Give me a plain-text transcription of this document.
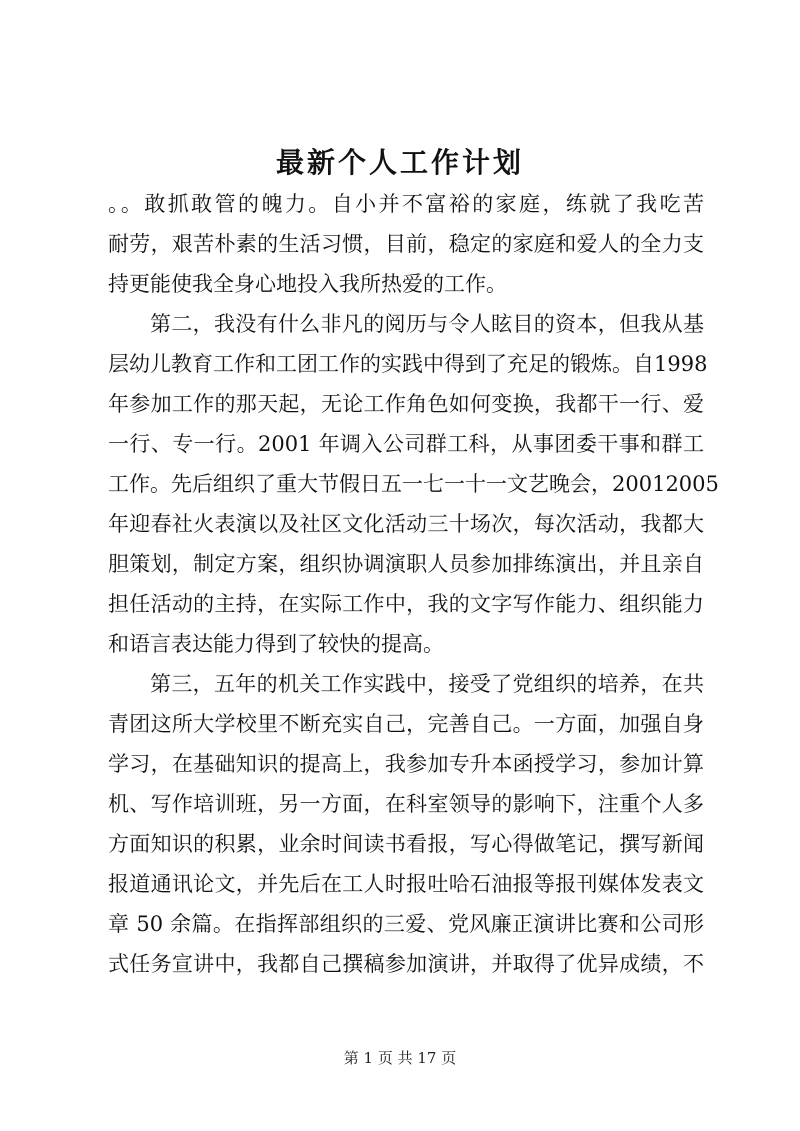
最新个人工作计划
。。敢抓敢管的魄力。自小并不富裕的家庭，练就了我吃苦
耐劳，艰苦朴素的生活习惯，目前，稳定的家庭和爱人的全力支
持更能使我全身心地投入我所热爱的工作。
第二，我没有什么非凡的阅历与令人眩目的资本，但我从基
层幼儿教育工作和工团工作的实践中得到了充足的锻炼。自1998
年参加工作的那天起，无论工作角色如何变换，我都干一行、爱
一行、专一行。2001 年调入公司群工科，从事团委干事和群工
工作。先后组织了重大节假日五一七一十一文艺晚会，20012005
年迎春社火表演以及社区文化活动三十场次，每次活动，我都大
胆策划，制定方案，组织协调演职人员参加排练演出，并且亲自
担任活动的主持，在实际工作中，我的文字写作能力、组织能力
和语言表达能力得到了较快的提高。
第三，五年的机关工作实践中，接受了党组织的培养，在共
青团这所大学校里不断充实自己，完善自己。一方面，加强自身
学习，在基础知识的提高上，我参加专升本函授学习，参加计算
机、写作培训班，另一方面，在科室领导的影响下，注重个人多
方面知识的积累，业余时间读书看报，写心得做笔记，撰写新闻
报道通讯论文，并先后在工人时报吐哈石油报等报刊媒体发表文
章 50 余篇。在指挥部组织的三爱、党风廉正演讲比赛和公司形
式任务宣讲中，我都自己撰稿参加演讲，并取得了优异成绩，不
第 1 页 共 17 页
